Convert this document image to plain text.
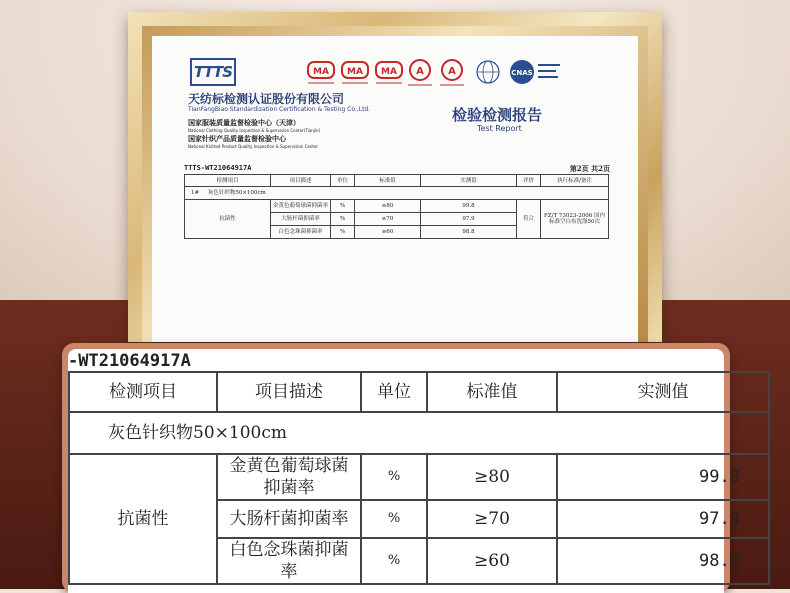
TTTS
天纺标检测认证股份有限公司
TianFangBiao Standardization Certification & Testing Co.,Ltd.
国家服装质量监督检验中心（天津）
National Clothing Quality Inspection & Supervision Center(Tianjin)
国家针织产品质量监督检验中心
National Knitted Product Quality Inspection & Supervision Center
MA MA MA A A	CNAS
检验检测报告
Test Report
TTTS-WT21064917A	第2页 共2页
检测项目	项目描述	单位	标准值	实测值	评价	执行标准/备注
1# 灰色针织物50×100cm						
抗菌性	金黄色葡萄球菌抑菌率	%	≥80	99.8	符合	FZ/T 73023-2006 国内标准空白布洗涤50次
	大肠杆菌抑菌率	%	≥70	97.9		
	白色念珠菌抑菌率	%	≥60	98.8		
-WT21064917A
检测项目	项目描述	单位	标准值	实测值
灰色针织物50×100cm				
抗菌性	金黄色葡萄球菌抑菌率	%	≥80	99.8
	大肠杆菌抑菌率	%	≥70	97.9
	白色念珠菌抑菌率	%	≥60	98.8
